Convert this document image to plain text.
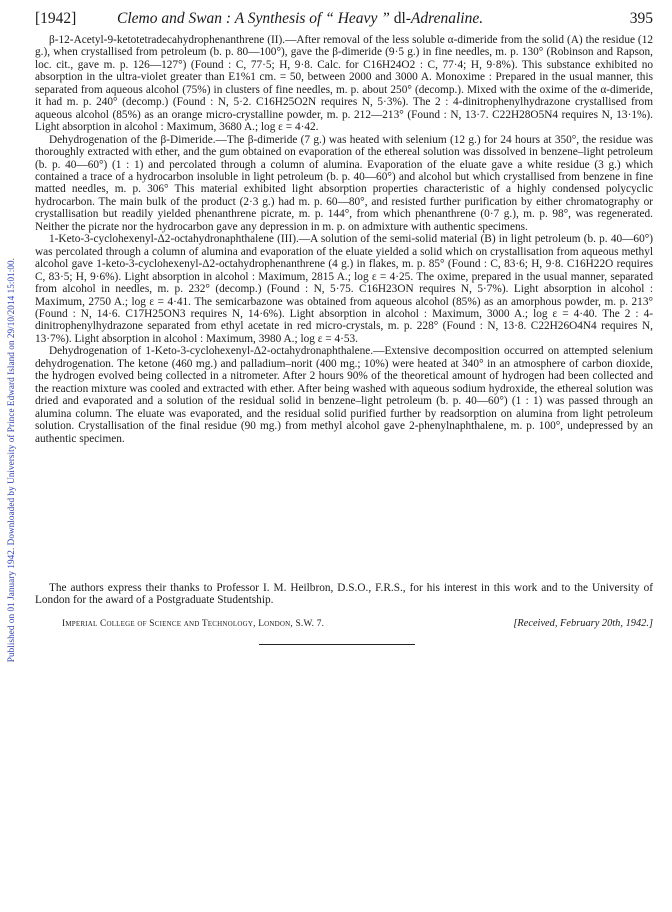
Published on 01 January 1942. Downloaded by University of Prince Edward Island on 29/10/2014 15:01:00.
[1942]	Clemo and Swan : A Synthesis of “ Heavy ” dl-Adrenaline.	395

β-12-Acetyl-9-ketotetradecahydrophenanthrene (II).—After removal of the less soluble α-dimeride from the solid (A) the residue (12 g.), when crystallised from petroleum (b. p. 80—100°), gave the β-dimeride (9·5 g.) in fine needles, m. p. 130° (Robinson and Rapson, loc. cit., gave m. p. 126—127°) (Found : C, 77·5; H, 9·8. Calc. for C16H24O2 : C, 77·4; H, 9·8%). This substance exhibited no absorption in the ultra-violet greater than E1%1 cm. = 50, between 2000 and 3000 A. Monoxime : Prepared in the usual manner, this separated from aqueous alcohol (75%) in clusters of fine needles, m. p. about 250° (decomp.). Mixed with the oxime of the α-dimeride, it had m. p. 240° (decomp.) (Found : N, 5·2. C16H25O2N requires N, 5·3%). The 2 : 4-dinitrophenylhydrazone crystallised from aqueous alcohol (85%) as an orange micro-crystalline powder, m. p. 212—213° (Found : N, 13·7. C22H28O5N4 requires N, 13·1%). Light absorption in alcohol : Maximum, 3680 A.; log ε = 4·42.

Dehydrogenation of the β-Dimeride.—The β-dimeride (7 g.) was heated with selenium (12 g.) for 24 hours at 350°, the residue was thoroughly extracted with ether, and the gum obtained on evaporation of the ethereal solution was dissolved in benzene–light petroleum (b. p. 40—60°) (1 : 1) and percolated through a column of alumina. Evaporation of the eluate gave a white residue (3 g.) which contained a trace of a hydrocarbon insoluble in light petroleum (b. p. 40—60°) and alcohol but which crystallised from benzene in fine matted needles, m. p. 306° This material exhibited light absorption properties characteristic of a highly condensed polycyclic hydrocarbon. The main bulk of the product (2·3 g.) had m. p. 60—80°, and resisted further purification by either chromatography or crystallisation but readily yielded phenanthrene picrate, m. p. 144°, from which phenanthrene (0·7 g.), m. p. 98°, was regenerated. Neither the picrate nor the hydrocarbon gave any depression in m. p. on admixture with authentic specimens.

1-Keto-3-cyclohexenyl-Δ2-octahydronaphthalene (III).—A solution of the semi-solid material (B) in light petroleum (b. p. 40—60°) was percolated through a column of alumina and evaporation of the eluate yielded a solid which on crystallisation from aqueous methyl alcohol gave 1-keto-3-cyclohexenyl-Δ2-octahydrophenanthrene (4 g.) in flakes, m. p. 85° (Found : C, 83·6; H, 9·8. C16H22O requires C, 83·5; H, 9·6%). Light absorption in alcohol : Maximum, 2815 A.; log ε = 4·25. The oxime, prepared in the usual manner, separated from alcohol in needles, m. p. 232° (decomp.) (Found : N, 5·75. C16H23ON requires N, 5·7%). Light absorption in alcohol : Maximum, 2750 A.; log ε = 4·41. The semicarbazone was obtained from aqueous alcohol (85%) as an amorphous powder, m. p. 213° (Found : N, 14·6. C17H25ON3 requires N, 14·6%). Light absorption in alcohol : Maximum, 3000 A.; log ε = 4·40. The 2 : 4-dinitrophenylhydrazone separated from ethyl acetate in red micro-crystals, m. p. 228° (Found : N, 13·8. C22H26O4N4 requires N, 13·7%). Light absorption in alcohol : Maximum, 3980 A.; log ε = 4·53.

Dehydrogenation of 1-Keto-3-cyclohexenyl-Δ2-octahydronaphthalene.—Extensive decomposition occurred on attempted selenium dehydrogenation. The ketone (460 mg.) and palladium–norit (400 mg.; 10%) were heated at 340° in an atmosphere of carbon dioxide, the hydrogen evolved being collected in a nitrometer. After 2 hours 90% of the theoretical amount of hydrogen had been collected and the reaction mixture was cooled and extracted with ether. After being washed with aqueous sodium hydroxide, the ethereal solution was dried and evaporated and a solution of the residual solid in benzene–light petroleum (b. p. 40—60°) (1 : 1) was passed through an alumina column. The eluate was evaporated, and the residual solid purified further by readsorption on alumina from light petroleum solution. Crystallisation of the final residue (90 mg.) from methyl alcohol gave 2-phenylnaphthalene, m. p. 100°, undepressed by an authentic specimen.

The authors express their thanks to Professor I. M. Heilbron, D.S.O., F.R.S., for his interest in this work and to the University of London for the award of a Postgraduate Studentship.

Imperial College of Science and Technology, London, S.W. 7.	[Received, February 20th, 1942.]
